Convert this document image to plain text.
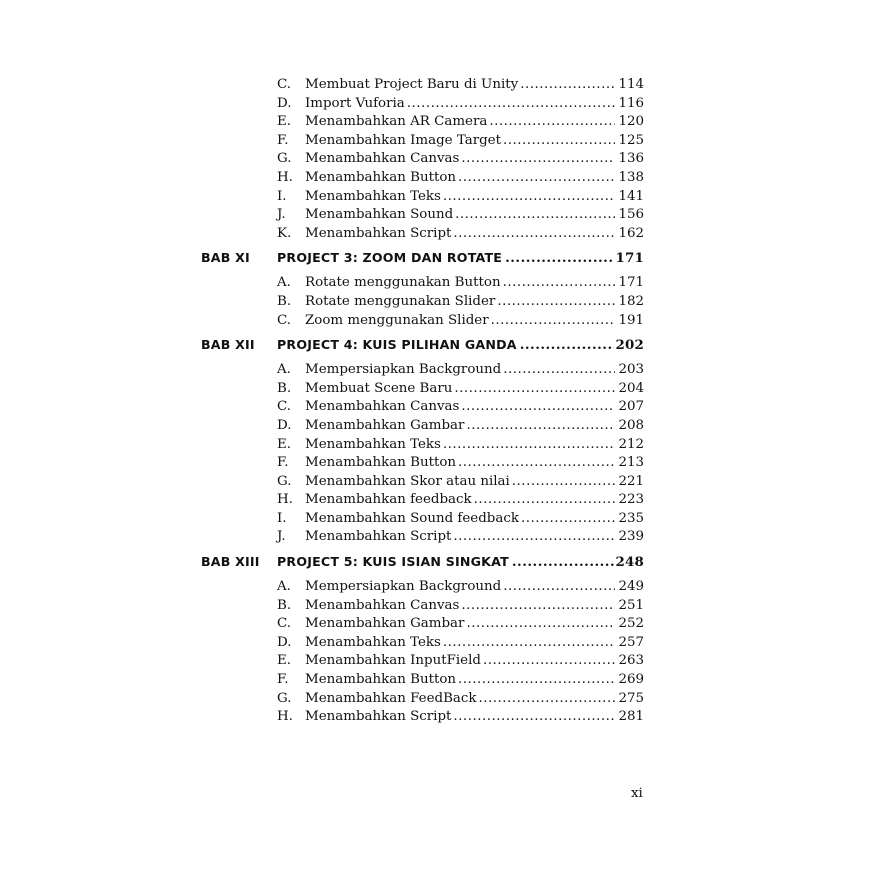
C.	Membuat Project Baru di Unity .....	114
D.	Import Vuforia .....	116
E.	Menambahkan AR Camera .....	120
F.	Menambahkan Image Target .....	125
G.	Menambahkan Canvas .....	136
H. Menambahkan Button .....	138
I.	Menambahkan Teks .....	141
J.	Menambahkan Sound .....	156
K.	Menambahkan Script .....	162
BAB XI	PROJECT 3: ZOOM DAN ROTATE .....	171
A.	Rotate menggunakan Button .....	171
B.	Rotate menggunakan Slider .....	182
C.	Zoom menggunakan Slider .....	191
BAB XII	PROJECT 4: KUIS PILIHAN GANDA .....	202
A.	Mempersiapkan Background .....	203
B.	Membuat Scene Baru .....	204
C.	Menambahkan Canvas .....	207
D.	Menambahkan Gambar .....	208
E.	Menambahkan Teks .....	212
F.	Menambahkan Button .....	213
G.	Menambahkan Skor atau nilai .....	221
H. Menambahkan feedback .....	223
I.	Menambahkan Sound feedback .....	235
J.	Menambahkan Script .....	239
BAB XIII	PROJECT 5: KUIS ISIAN SINGKAT .....	248
A.	Mempersiapkan Background .....	249
B.	Menambahkan Canvas .....	251
C.	Menambahkan Gambar .....	252
D.	Menambahkan Teks .....	257
E.	Menambahkan InputField .....	263
F.	Menambahkan Button .....	269
G.	Menambahkan FeedBack .....	275
H. Menambahkan Script .....	281
xi
